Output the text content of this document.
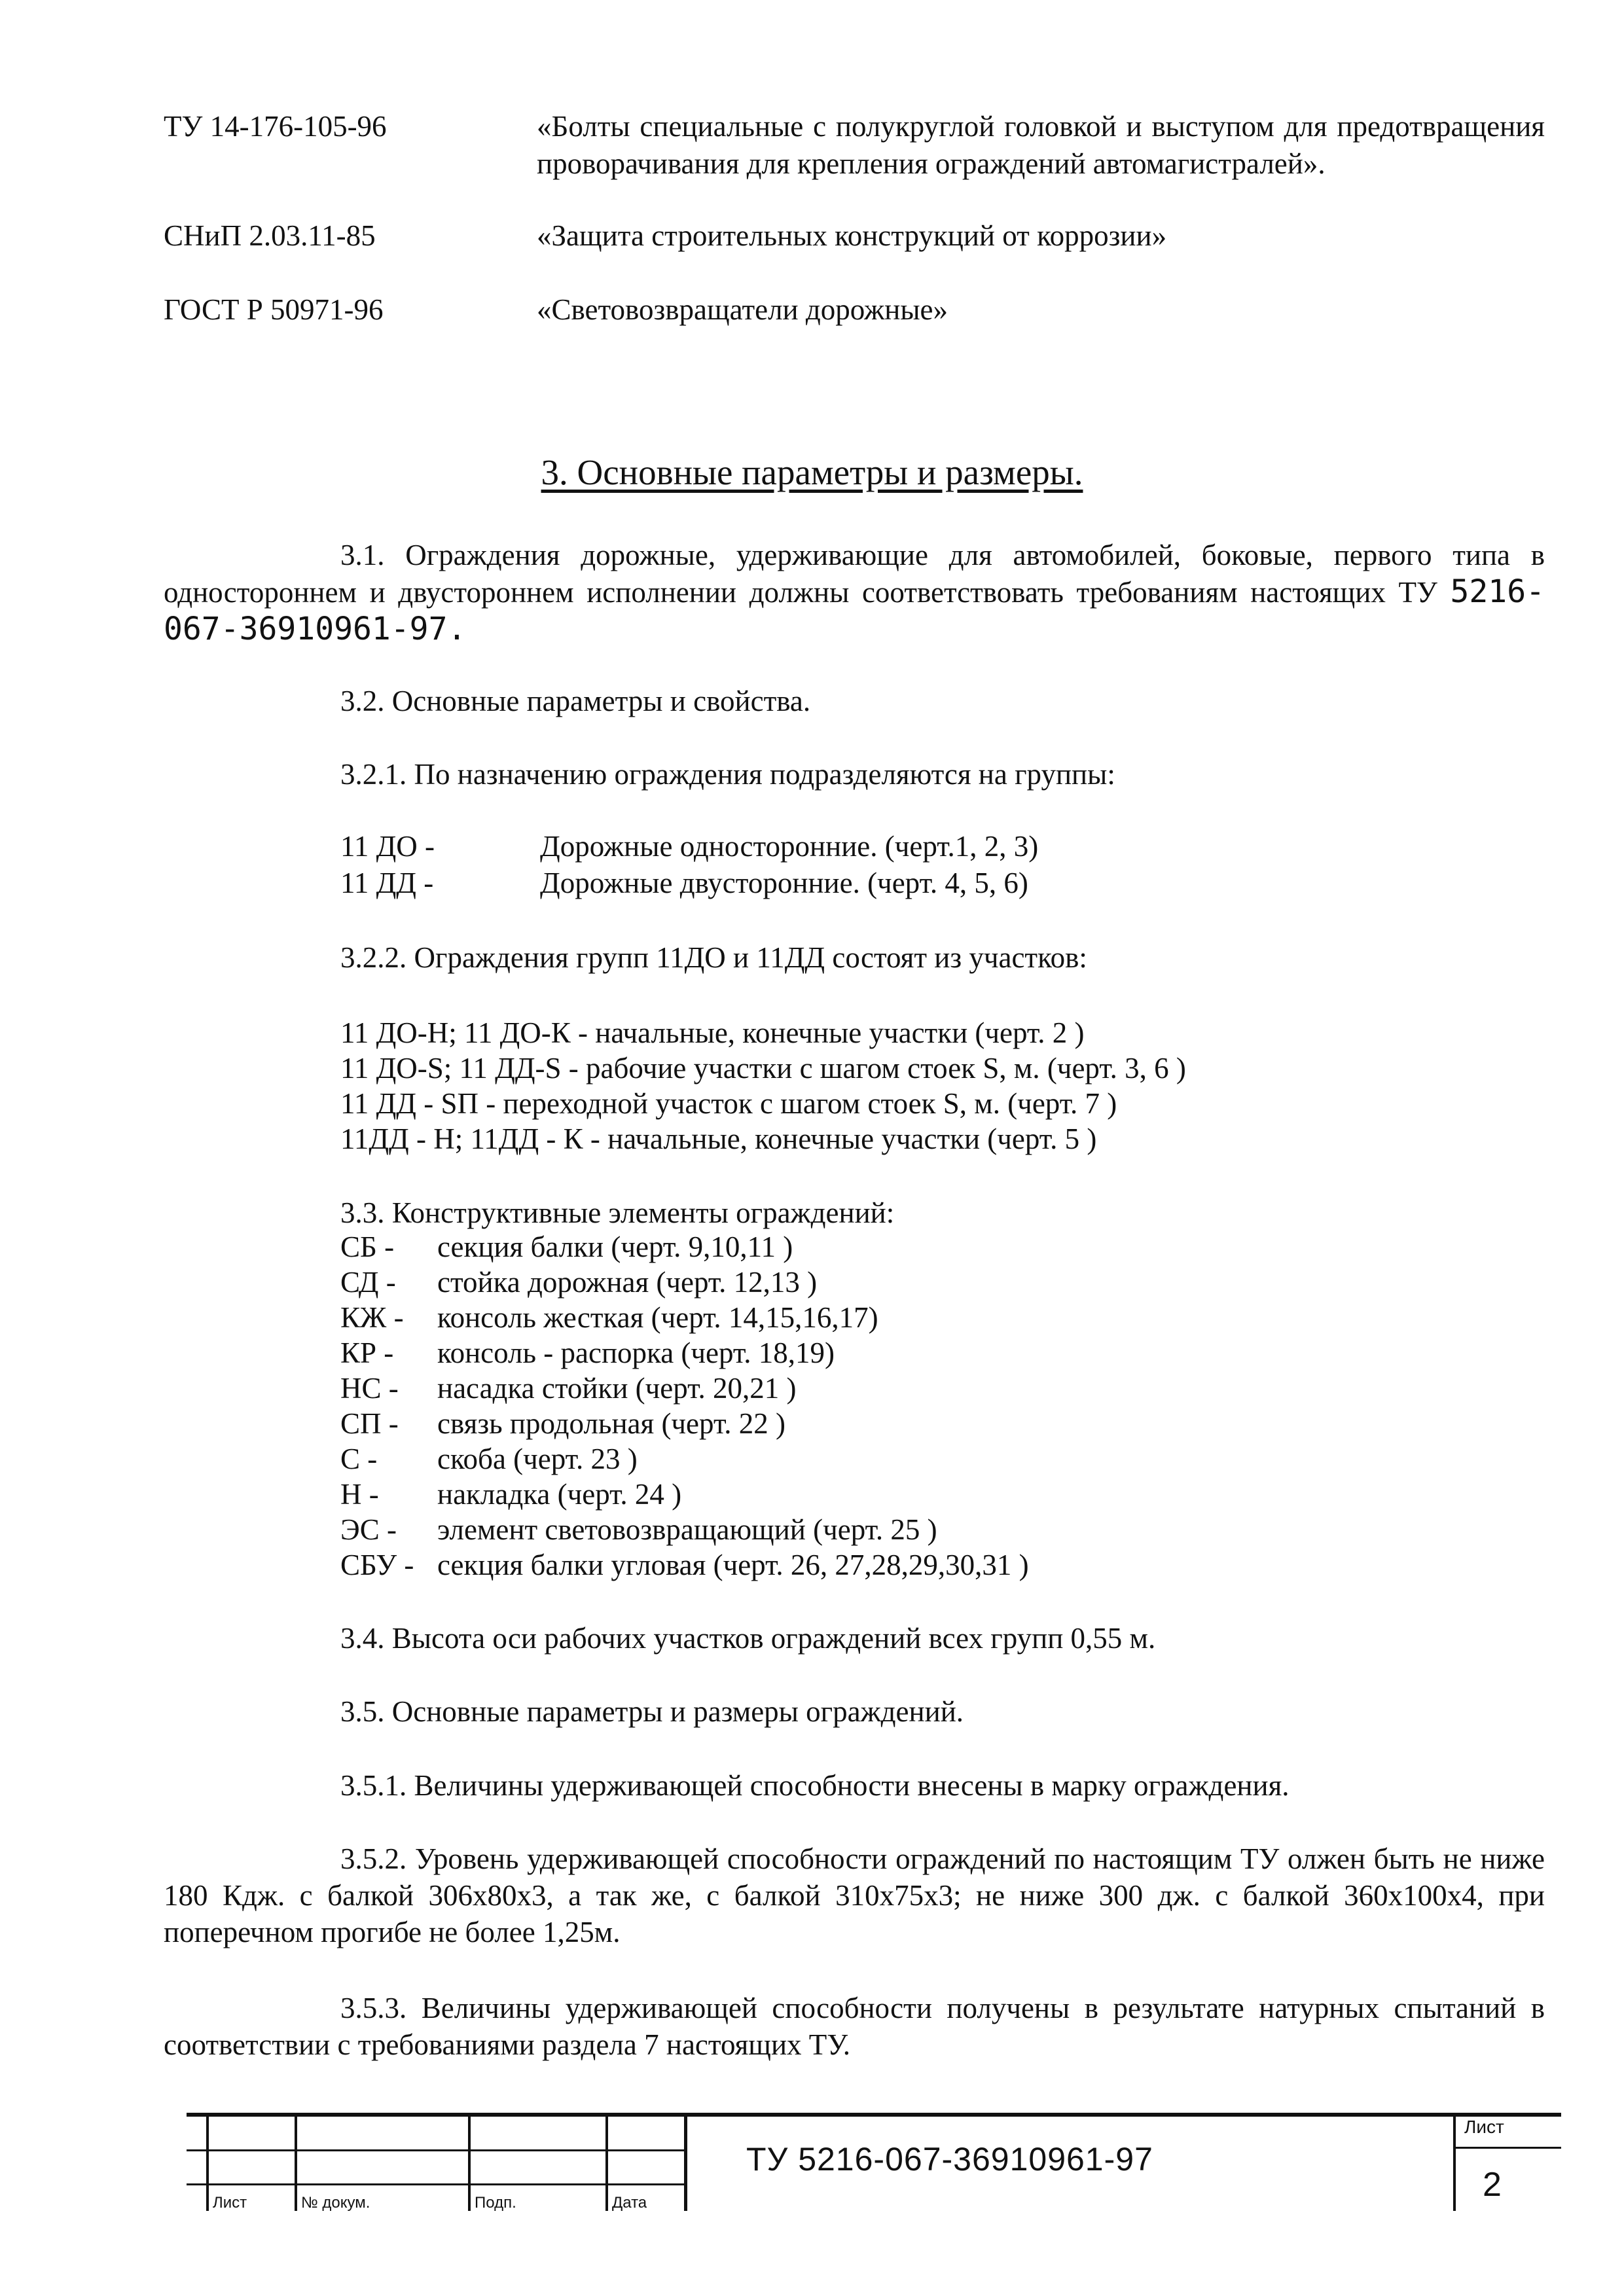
ТУ 14-176-105-96	«Болты специальные с полукруглой головкой и выступом для предотвращения проворачивания для крепления ограждений автомагистралей».
СНиП 2.03.11-85	«Защита строительных конструкций от коррозии»
ГОСТ Р 50971-96	«Световозвращатели дорожные»
3. Основные параметры и размеры.
3.1. Ограждения дорожные, удерживающие для автомобилей, боковые, первого типа в одностороннем и двустороннем исполнении должны соответствовать требованиям настоящих ТУ 5216-067-36910961-97.
3.2. Основные параметры и свойства.
3.2.1. По назначению ограждения подразделяются на группы:
11 ДО -	Дорожные односторонние. (черт.1, 2, 3)
11 ДД -	Дорожные двусторонние. (черт. 4, 5, 6)
3.2.2. Ограждения групп 11ДО и 11ДД состоят из участков:
11 ДО-Н; 11 ДО-К - начальные, конечные участки (черт. 2 )
11 ДО-S; 11 ДД-S - рабочие участки с шагом стоек S, м. (черт. 3, 6 )
11 ДД - SП - переходной участок с шагом стоек S, м. (черт. 7 )
11ДД - Н; 11ДД - К - начальные, конечные участки (черт. 5 )
3.3. Конструктивные элементы ограждений:
СБ - секция балки (черт. 9,10,11 )
СД - стойка дорожная (черт. 12,13 )
КЖ - консоль жесткая (черт. 14,15,16,17)
КР - консоль - распорка (черт. 18,19)
НС - насадка стойки (черт. 20,21 )
СП - связь продольная (черт. 22 )
С - скоба (черт. 23 )
Н - накладка (черт. 24 )
ЭС - элемент световозвращающий (черт. 25 )
СБУ - секция балки угловая (черт. 26, 27,28,29,30,31 )
3.4. Высота оси рабочих участков ограждений всех групп 0,55 м.
3.5. Основные параметры и размеры ограждений.
3.5.1. Величины удерживающей способности внесены в марку ограждения.
3.5.2. Уровень удерживающей способности ограждений по настоящим ТУ олжен быть не ниже 180 Кдж. с балкой 306х80х3, а так же, с балкой 310х75х3; не ниже 300 дж. с балкой 360х100х4, при поперечном прогибе не более 1,25м.
3.5.3. Величины удерживающей способности получены в результате натурных спытаний в соответствии с требованиями раздела 7 настоящих ТУ.
Лист	№ докум.	Подп.	Дата
ТУ 5216-067-36910961-97
Лист
2
